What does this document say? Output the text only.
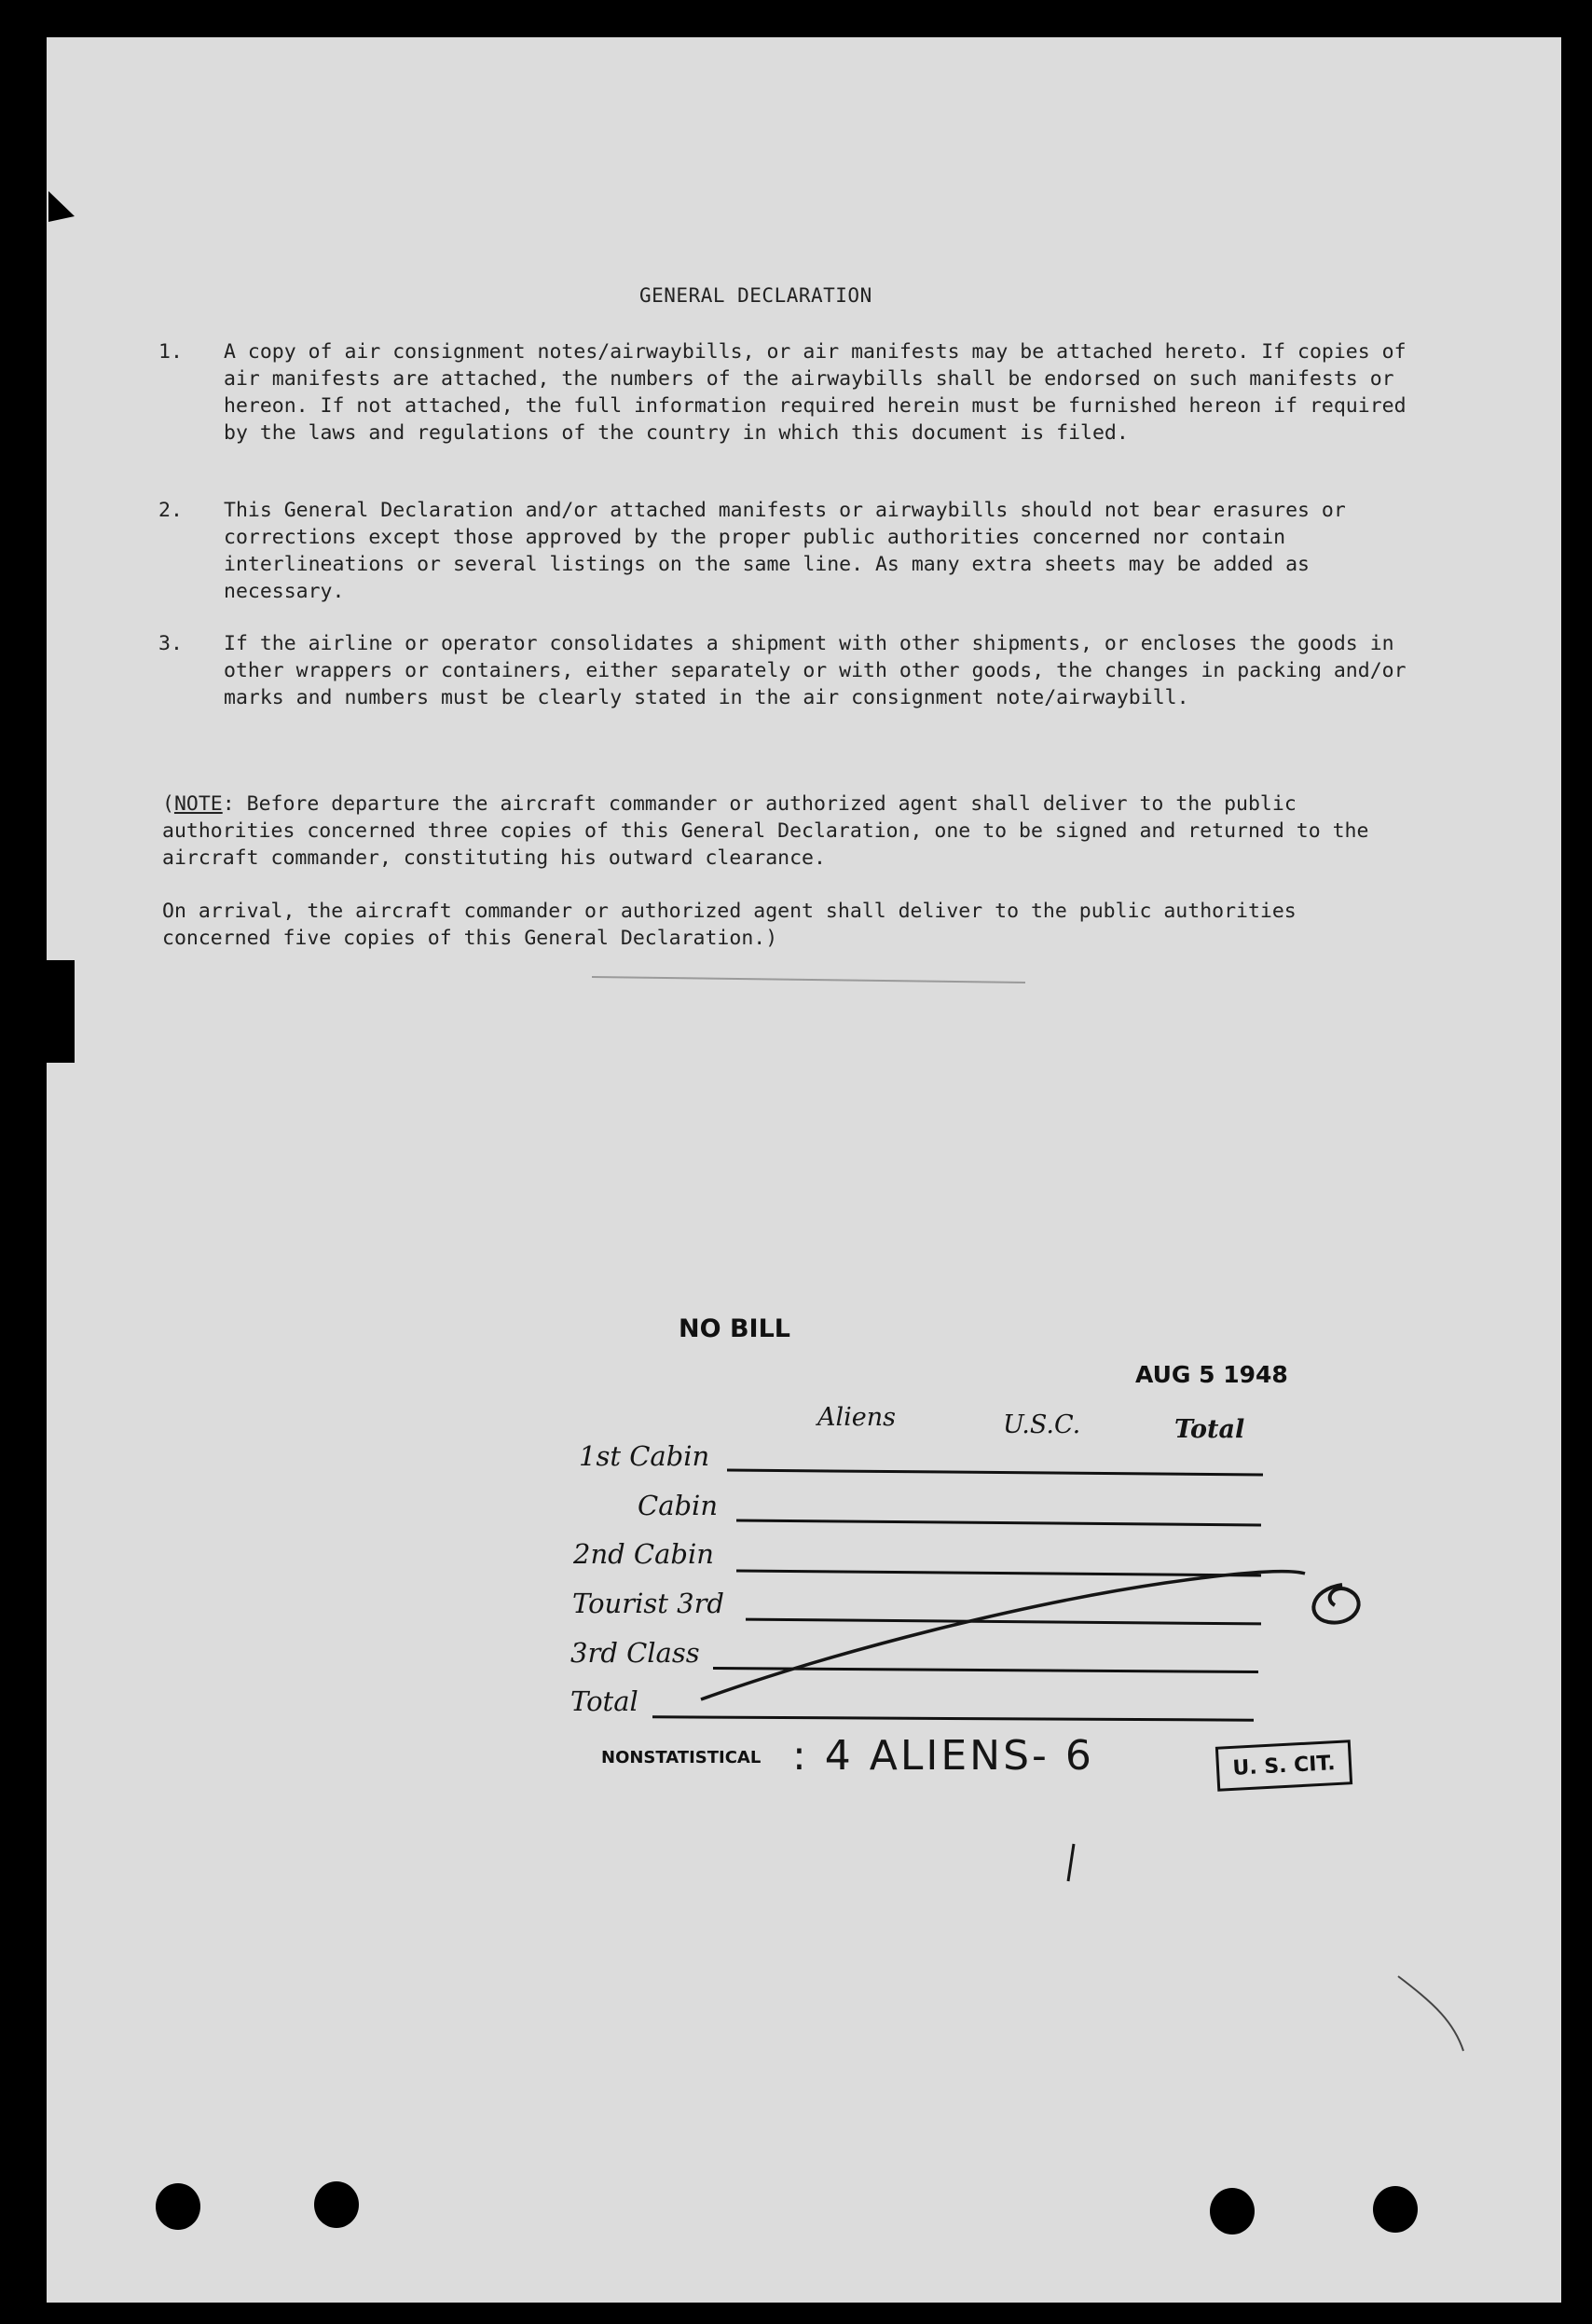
GENERAL DECLARATION
1. A copy of air consignment notes/airwaybills, or air manifests may be attached hereto. If copies of air manifests are attached, the numbers of the airwaybills shall be endorsed on such manifests or hereon. If not attached, the full information required herein must be furnished hereon if required by the laws and regulations of the country in which this document is filed.
2. This General Declaration and/or attached manifests or airwaybills should not bear erasures or corrections except those approved by the proper public authorities concerned nor contain interlineations or several listings on the same line. As many extra sheets may be added as necessary.
3. If the airline or operator consolidates a shipment with other shipments, or encloses the goods in other wrappers or containers, either separately or with other goods, the changes in packing and/or marks and numbers must be clearly stated in the air consignment note/airwaybill.
(NOTE: Before departure the aircraft commander or authorized agent shall deliver to the public authorities concerned three copies of this General Declaration, one to be signed and returned to the aircraft commander, constituting his outward clearance.
On arrival, the aircraft commander or authorized agent shall deliver to the public authorities concerned five copies of this General Declaration.)
NO BILL
AUG 5 1948
Aliens	U.S.C.	Total
1st Cabin
Cabin
2nd Cabin
Tourist 3rd
3rd Class
Total
NONSTATISTICAL : 4 ALIENS- 6	U. S. CIT.
